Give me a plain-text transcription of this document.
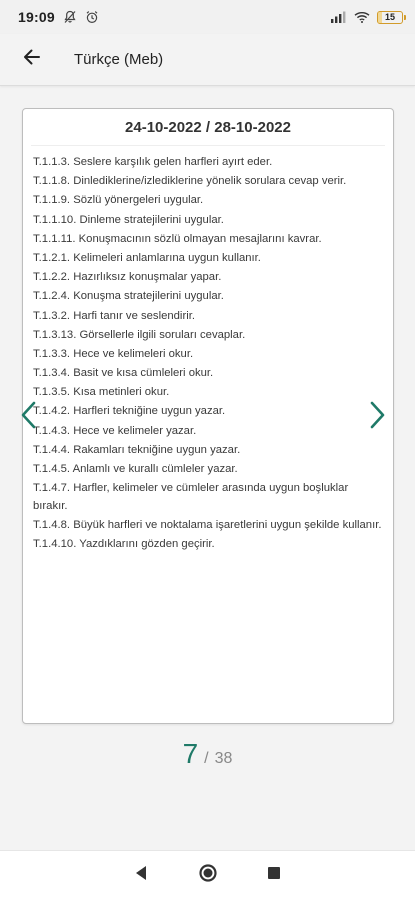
19:09	15
Türkçe (Meb)
24-10-2022 / 28-10-2022
T.1.1.3. Seslere karşılık gelen harfleri ayırt eder.
T.1.1.8. Dinlediklerine/izlediklerine yönelik sorulara cevap verir.
T.1.1.9. Sözlü yönergeleri uygular.
T.1.1.10. Dinleme stratejilerini uygular.
T.1.1.11. Konuşmacının sözlü olmayan mesajlarını kavrar.
T.1.2.1. Kelimeleri anlamlarına uygun kullanır.
T.1.2.2. Hazırlıksız konuşmalar yapar.
T.1.2.4. Konuşma stratejilerini uygular.
T.1.3.2. Harfi tanır ve seslendirir.
T.1.3.13. Görsellerle ilgili soruları cevaplar.
T.1.3.3. Hece ve kelimeleri okur.
T.1.3.4. Basit ve kısa cümleleri okur.
T.1.3.5. Kısa metinleri okur.
T.1.4.2. Harfleri tekniğine uygun yazar.
T.1.4.3. Hece ve kelimeler yazar.
T.1.4.4. Rakamları tekniğine uygun yazar.
T.1.4.5. Anlamlı ve kurallı cümleler yazar.
T.1.4.7. Harfler, kelimeler ve cümleler arasında uygun boşluklar bırakır.
T.1.4.8. Büyük harfleri ve noktalama işaretlerini uygun şekilde kullanır.
T.1.4.10. Yazdıklarını gözden geçirir.
7 / 38
